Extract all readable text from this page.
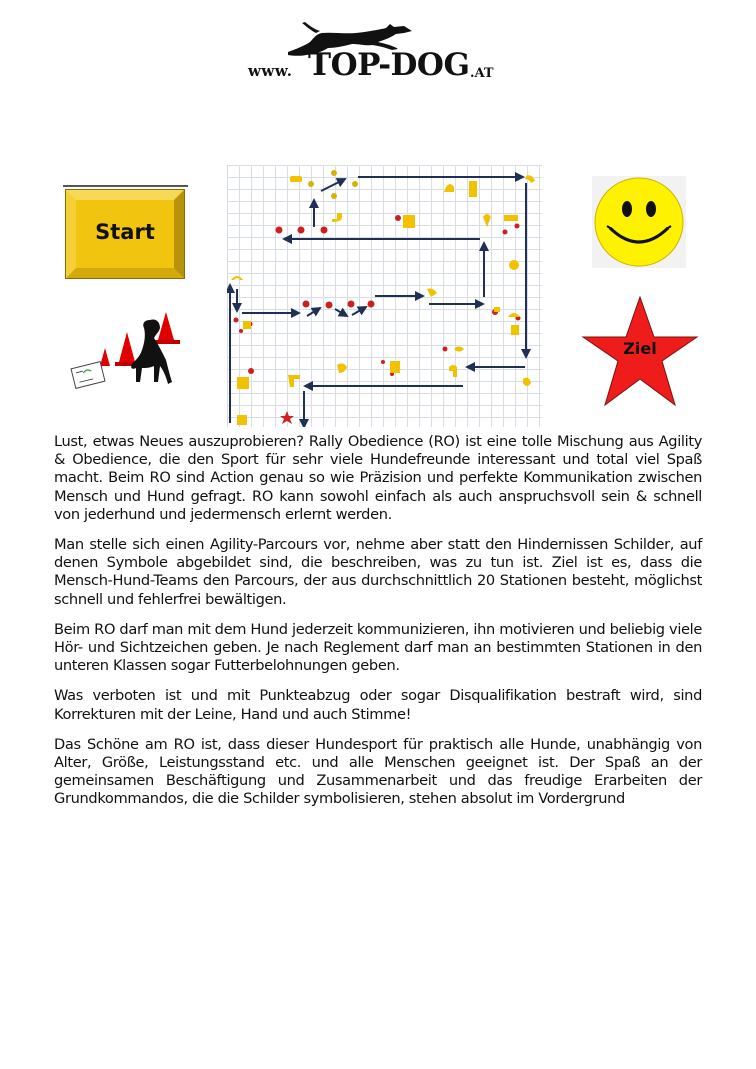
www. TOP-DOG .AT
Start
Ziel

Lust, etwas Neues auszuprobieren? Rally Obedience (RO) ist eine tolle Mischung aus Agility & Obedience, die den Sport für sehr viele Hundefreunde interessant und total viel Spaß macht. Beim RO sind Action genau so wie Präzision und perfekte Kommunikation zwischen Mensch und Hund gefragt. RO kann sowohl einfach als auch anspruchsvoll sein & schnell von jederhund und jedermensch erlernt werden.

Man stelle sich einen Agility-Parcours vor, nehme aber statt den Hindernissen Schilder, auf denen Symbole abgebildet sind, die beschreiben, was zu tun ist. Ziel ist es, dass die Mensch-Hund-Teams den Parcours, der aus durchschnittlich 20 Stationen besteht, möglichst schnell und fehlerfrei bewältigen.

Beim RO darf man mit dem Hund jederzeit kommunizieren, ihn motivieren und beliebig viele Hör- und Sichtzeichen geben. Je nach Reglement darf man an bestimmten Stationen in den unteren Klassen sogar Futterbelohnungen geben.

Was verboten ist und mit Punkteabzug oder sogar Disqualifikation bestraft wird, sind Korrekturen mit der Leine, Hand und auch Stimme!

Das Schöne am RO ist, dass dieser Hundesport für praktisch alle Hunde, unabhängig von Alter, Größe, Leistungsstand etc. und alle Menschen geeignet ist. Der Spaß an der gemeinsamen Beschäftigung und Zusammenarbeit und das freudige Erarbeiten der Grundkommandos, die die Schilder symbolisieren, stehen absolut im Vordergrund
